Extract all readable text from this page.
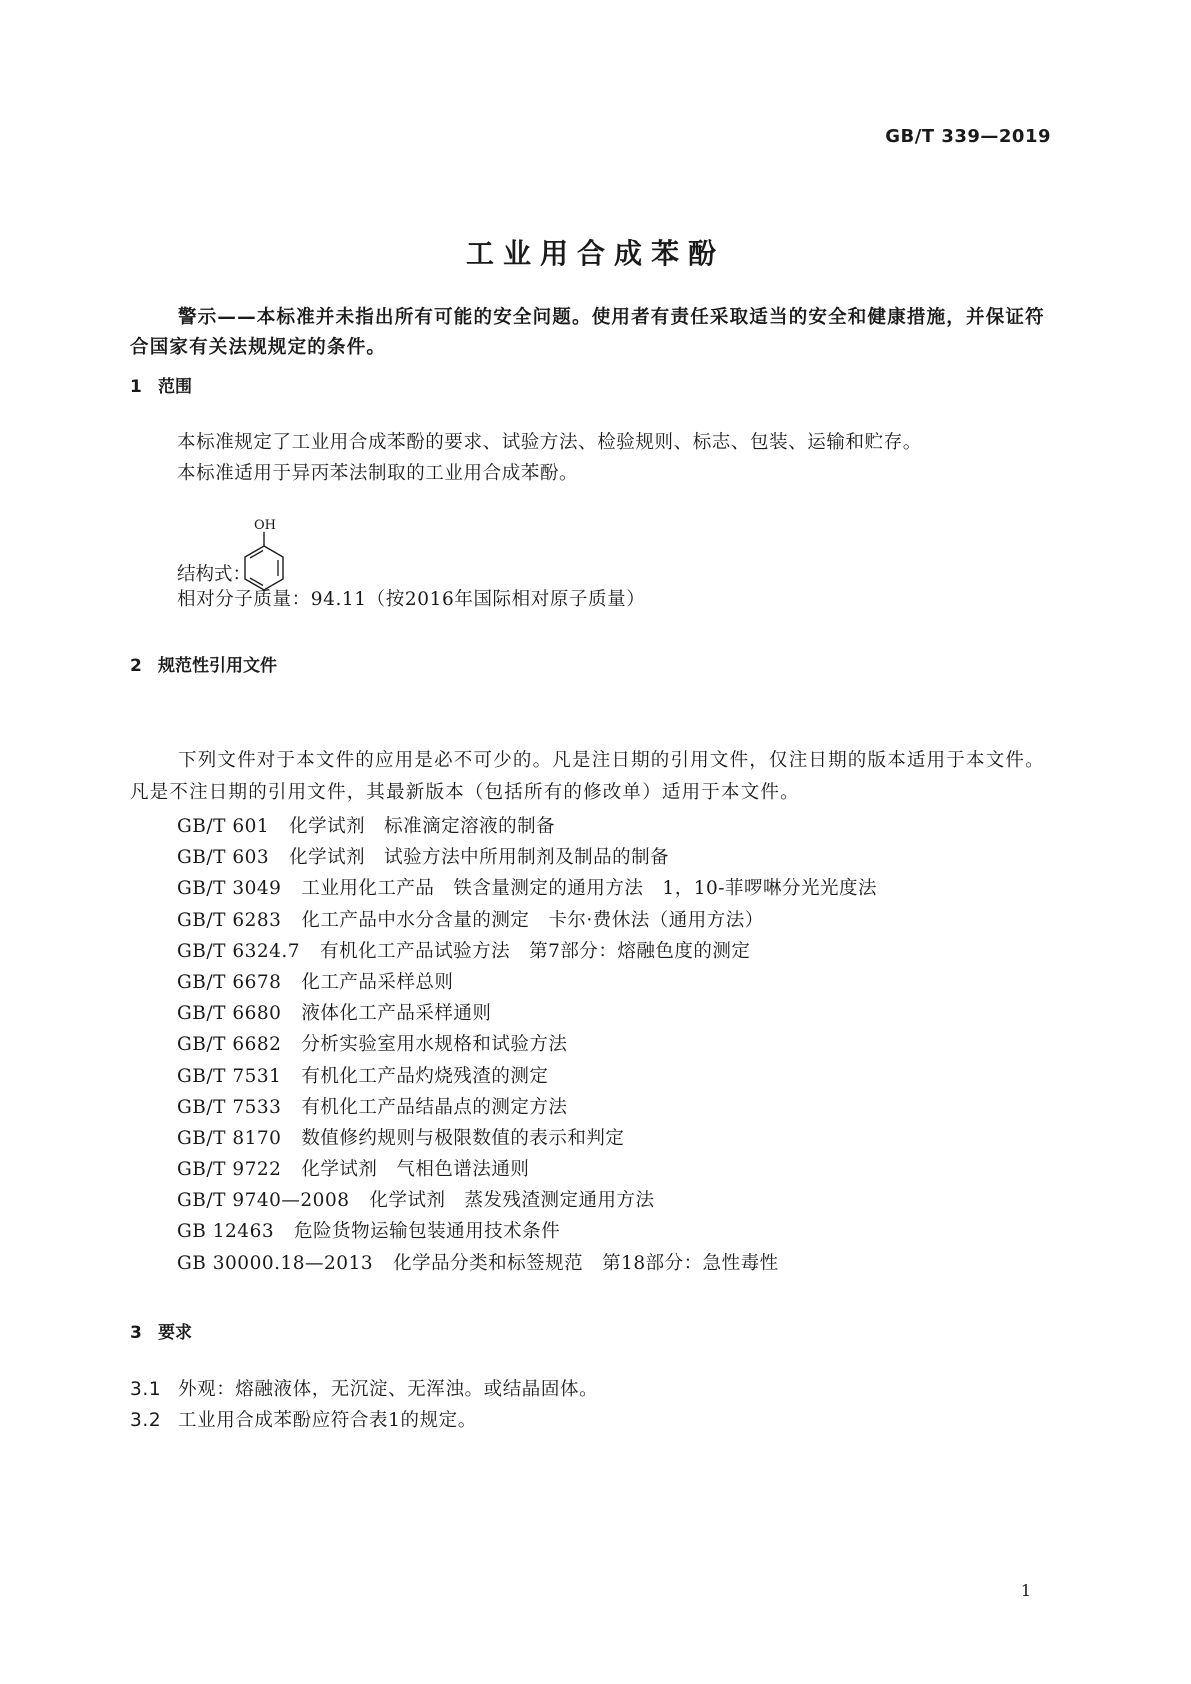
GB/T 339—2019
工业用合成苯酚
警示——本标准并未指出所有可能的安全问题。使用者有责任采取适当的安全和健康措施，并保证符合国家有关法规规定的条件。
1 范围
本标准规定了工业用合成苯酚的要求、试验方法、检验规则、标志、包装、运输和贮存。
本标准适用于异丙苯法制取的工业用合成苯酚。
结构式：
OH
相对分子质量：94.11（按2016年国际相对原子质量）
2 规范性引用文件
下列文件对于本文件的应用是必不可少的。凡是注日期的引用文件，仅注日期的版本适用于本文件。凡是不注日期的引用文件，其最新版本（包括所有的修改单）适用于本文件。
GB/T 601 化学试剂　标准滴定溶液的制备
GB/T 603 化学试剂　试验方法中所用制剂及制品的制备
GB/T 3049 工业用化工产品　铁含量测定的通用方法　1，10-菲啰啉分光光度法
GB/T 6283 化工产品中水分含量的测定　卡尔·费休法（通用方法）
GB/T 6324.7 有机化工产品试验方法　第7部分：熔融色度的测定
GB/T 6678 化工产品采样总则
GB/T 6680 液体化工产品采样通则
GB/T 6682 分析实验室用水规格和试验方法
GB/T 7531 有机化工产品灼烧残渣的测定
GB/T 7533 有机化工产品结晶点的测定方法
GB/T 8170 数值修约规则与极限数值的表示和判定
GB/T 9722 化学试剂　气相色谱法通则
GB/T 9740—2008 化学试剂　蒸发残渣测定通用方法
GB 12463 危险货物运输包装通用技术条件
GB 30000.18—2013 化学品分类和标签规范　第18部分：急性毒性
3 要求
3.1 外观：熔融液体，无沉淀、无浑浊。或结晶固体。
3.2 工业用合成苯酚应符合表1的规定。
1
